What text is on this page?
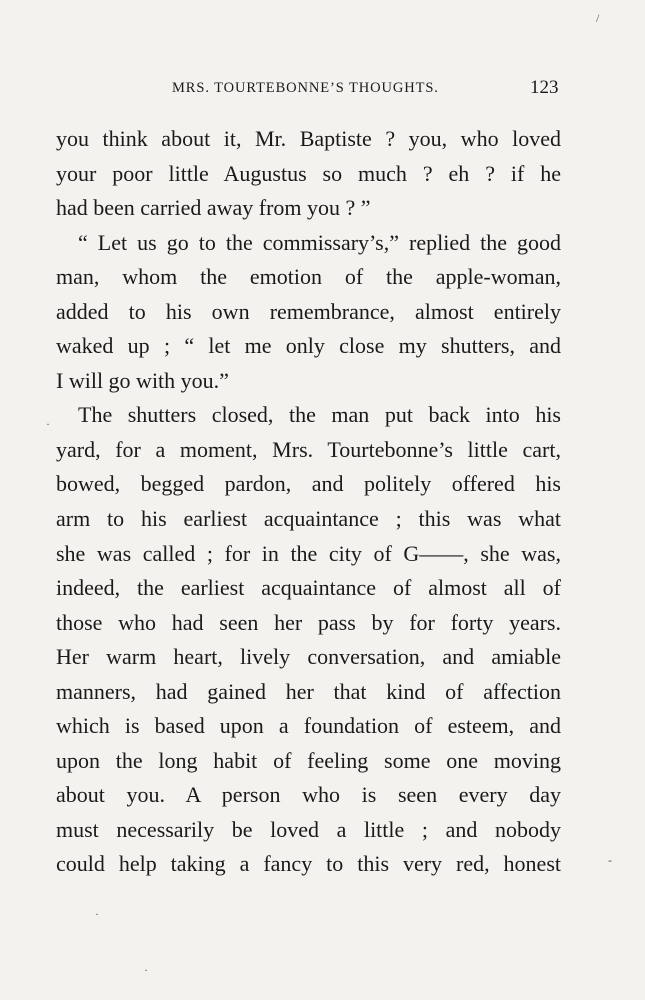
MRS. TOURTEBONNE’S THOUGHTS.	123
you think about it, Mr. Baptiste ? you, who loved
your poor little Augustus so much ? eh ? if he
had been carried away from you ? ”
“ Let us go to the commissary’s,” replied the good
man, whom the emotion of the apple-woman,
added to his own remembrance, almost entirely
waked up ; “ let me only close my shutters, and
I will go with you.”
The shutters closed, the man put back into his
yard, for a moment, Mrs. Tourtebonne’s little cart,
bowed, begged pardon, and politely offered his
arm to his earliest acquaintance ; this was what
she was called ; for in the city of G——, she was,
indeed, the earliest acquaintance of almost all of
those who had seen her pass by for forty years.
Her warm heart, lively conversation, and amiable
manners, had gained her that kind of affection
which is based upon a foundation of esteem, and
upon the long habit of feeling some one moving
about you. A person who is seen every day
must necessarily be loved a little ; and nobody
could help taking a fancy to this very red, honest
·
-
·
·
/
